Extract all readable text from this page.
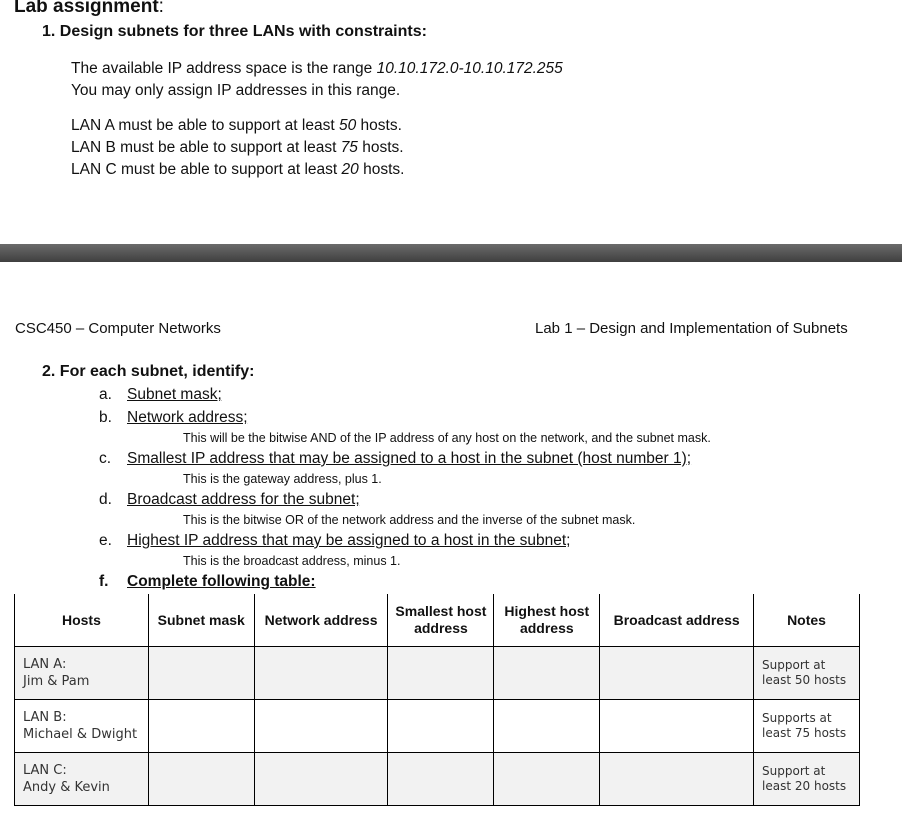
Lab assignment:
1. Design subnets for three LANs with constraints:
The available IP address space is the range 10.10.172.0-10.10.172.255
You may only assign IP addresses in this range.
LAN A must be able to support at least 50 hosts.
LAN B must be able to support at least 75 hosts.
LAN C must be able to support at least 20 hosts.
CSC450 – Computer Networks	Lab 1 – Design and Implementation of Subnets
2. For each subnet, identify:
a. Subnet mask;
b. Network address;
This will be the bitwise AND of the IP address of any host on the network, and the subnet mask.
c. Smallest IP address that may be assigned to a host in the subnet (host number 1);
This is the gateway address, plus 1.
d. Broadcast address for the subnet;
This is the bitwise OR of the network address and the inverse of the subnet mask.
e. Highest IP address that may be assigned to a host in the subnet;
This is the broadcast address, minus 1.
f. Complete following table:
Hosts	Subnet mask	Network address	Smallest host address	Highest host address	Broadcast address	Notes

LAN A:
Jim & Pam						Support at least 50 hosts

LAN B:
Michael & Dwight						Supports at least 75 hosts

LAN C:
Andy & Kevin						Support at least 20 hosts
